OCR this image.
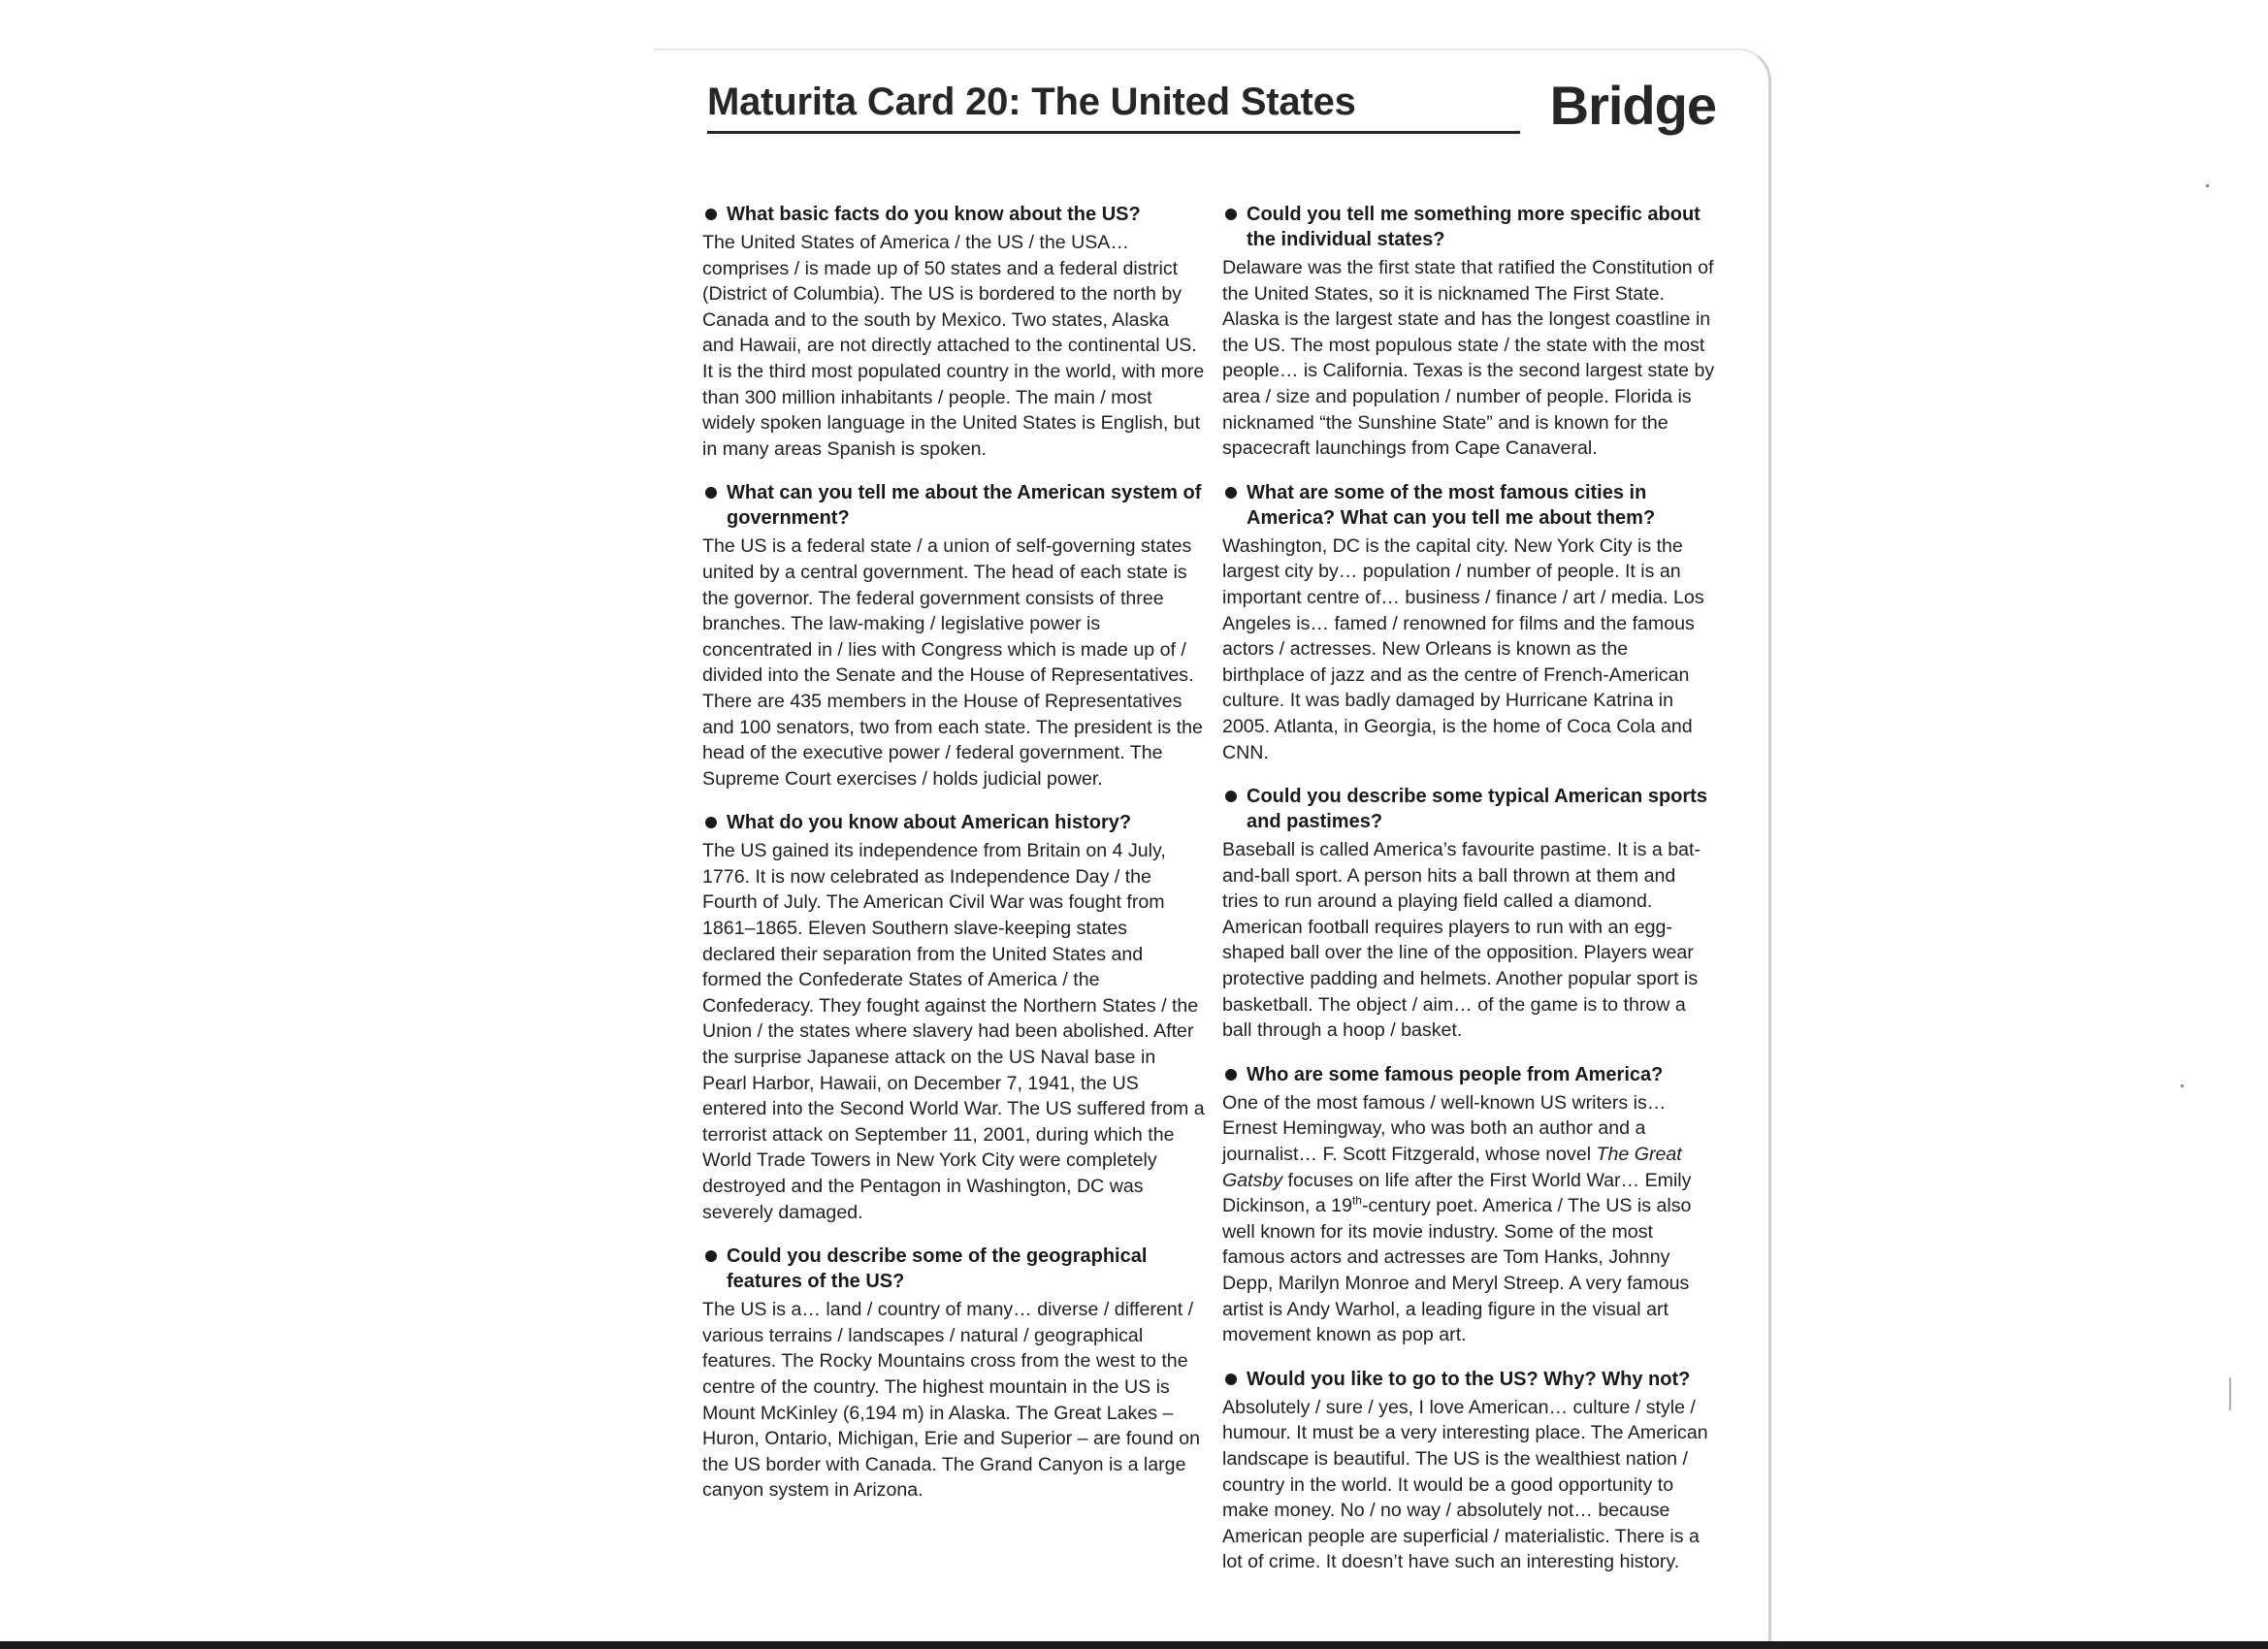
Maturita Card 20: The United States	Bridge
What basic facts do you know about the US?
The United States of America / the US / the USA… comprises / is made up of 50 states and a federal district (District of Columbia). The US is bordered to the north by Canada and to the south by Mexico. Two states, Alaska and Hawaii, are not directly attached to the continental US. It is the third most populated country in the world, with more than 300 million inhabitants / people. The main / most widely spoken language in the United States is English, but in many areas Spanish is spoken.
What can you tell me about the American system of government?
The US is a federal state / a union of self-governing states united by a central government. The head of each state is the governor. The federal government consists of three branches. The law-making / legislative power is concentrated in / lies with Congress which is made up of / divided into the Senate and the House of Representatives. There are 435 members in the House of Representatives and 100 senators, two from each state. The president is the head of the executive power / federal government. The Supreme Court exercises / holds judicial power.
What do you know about American history?
The US gained its independence from Britain on 4 July, 1776. It is now celebrated as Independence Day / the Fourth of July. The American Civil War was fought from 1861–1865. Eleven Southern slave-keeping states declared their separation from the United States and formed the Confederate States of America / the Confederacy. They fought against the Northern States / the Union / the states where slavery had been abolished. After the surprise Japanese attack on the US Naval base in Pearl Harbor, Hawaii, on December 7, 1941, the US entered into the Second World War. The US suffered from a terrorist attack on September 11, 2001, during which the World Trade Towers in New York City were completely destroyed and the Pentagon in Washington, DC was severely damaged.
Could you describe some of the geographical features of the US?
The US is a… land / country of many… diverse / different / various terrains / landscapes / natural / geographical features. The Rocky Mountains cross from the west to the centre of the country. The highest mountain in the US is Mount McKinley (6,194 m) in Alaska. The Great Lakes – Huron, Ontario, Michigan, Erie and Superior – are found on the US border with Canada. The Grand Canyon is a large canyon system in Arizona.
Could you tell me something more specific about the individual states?
Delaware was the first state that ratified the Constitution of the United States, so it is nicknamed The First State. Alaska is the largest state and has the longest coastline in the US. The most populous state / the state with the most people… is California. Texas is the second largest state by area / size and population / number of people. Florida is nicknamed “the Sunshine State” and is known for the spacecraft launchings from Cape Canaveral.
What are some of the most famous cities in America? What can you tell me about them?
Washington, DC is the capital city. New York City is the largest city by… population / number of people. It is an important centre of… business / finance / art / media. Los Angeles is… famed / renowned for films and the famous actors / actresses. New Orleans is known as the birthplace of jazz and as the centre of French-American culture. It was badly damaged by Hurricane Katrina in 2005. Atlanta, in Georgia, is the home of Coca Cola and CNN.
Could you describe some typical American sports and pastimes?
Baseball is called America’s favourite pastime. It is a bat-and-ball sport. A person hits a ball thrown at them and tries to run around a playing field called a diamond. American football requires players to run with an egg-shaped ball over the line of the opposition. Players wear protective padding and helmets. Another popular sport is basketball. The object / aim… of the game is to throw a ball through a hoop / basket.
Who are some famous people from America?
One of the most famous / well-known US writers is… Ernest Hemingway, who was both an author and a journalist… F. Scott Fitzgerald, whose novel The Great Gatsby focuses on life after the First World War… Emily Dickinson, a 19th-century poet. America / The US is also well known for its movie industry. Some of the most famous actors and actresses are Tom Hanks, Johnny Depp, Marilyn Monroe and Meryl Streep. A very famous artist is Andy Warhol, a leading figure in the visual art movement known as pop art.
Would you like to go to the US? Why? Why not?
Absolutely / sure / yes, I love American… culture / style / humour. It must be a very interesting place. The American landscape is beautiful. The US is the wealthiest nation / country in the world. It would be a good opportunity to make money. No / no way / absolutely not… because American people are superficial / materialistic. There is a lot of crime. It doesn’t have such an interesting history.
